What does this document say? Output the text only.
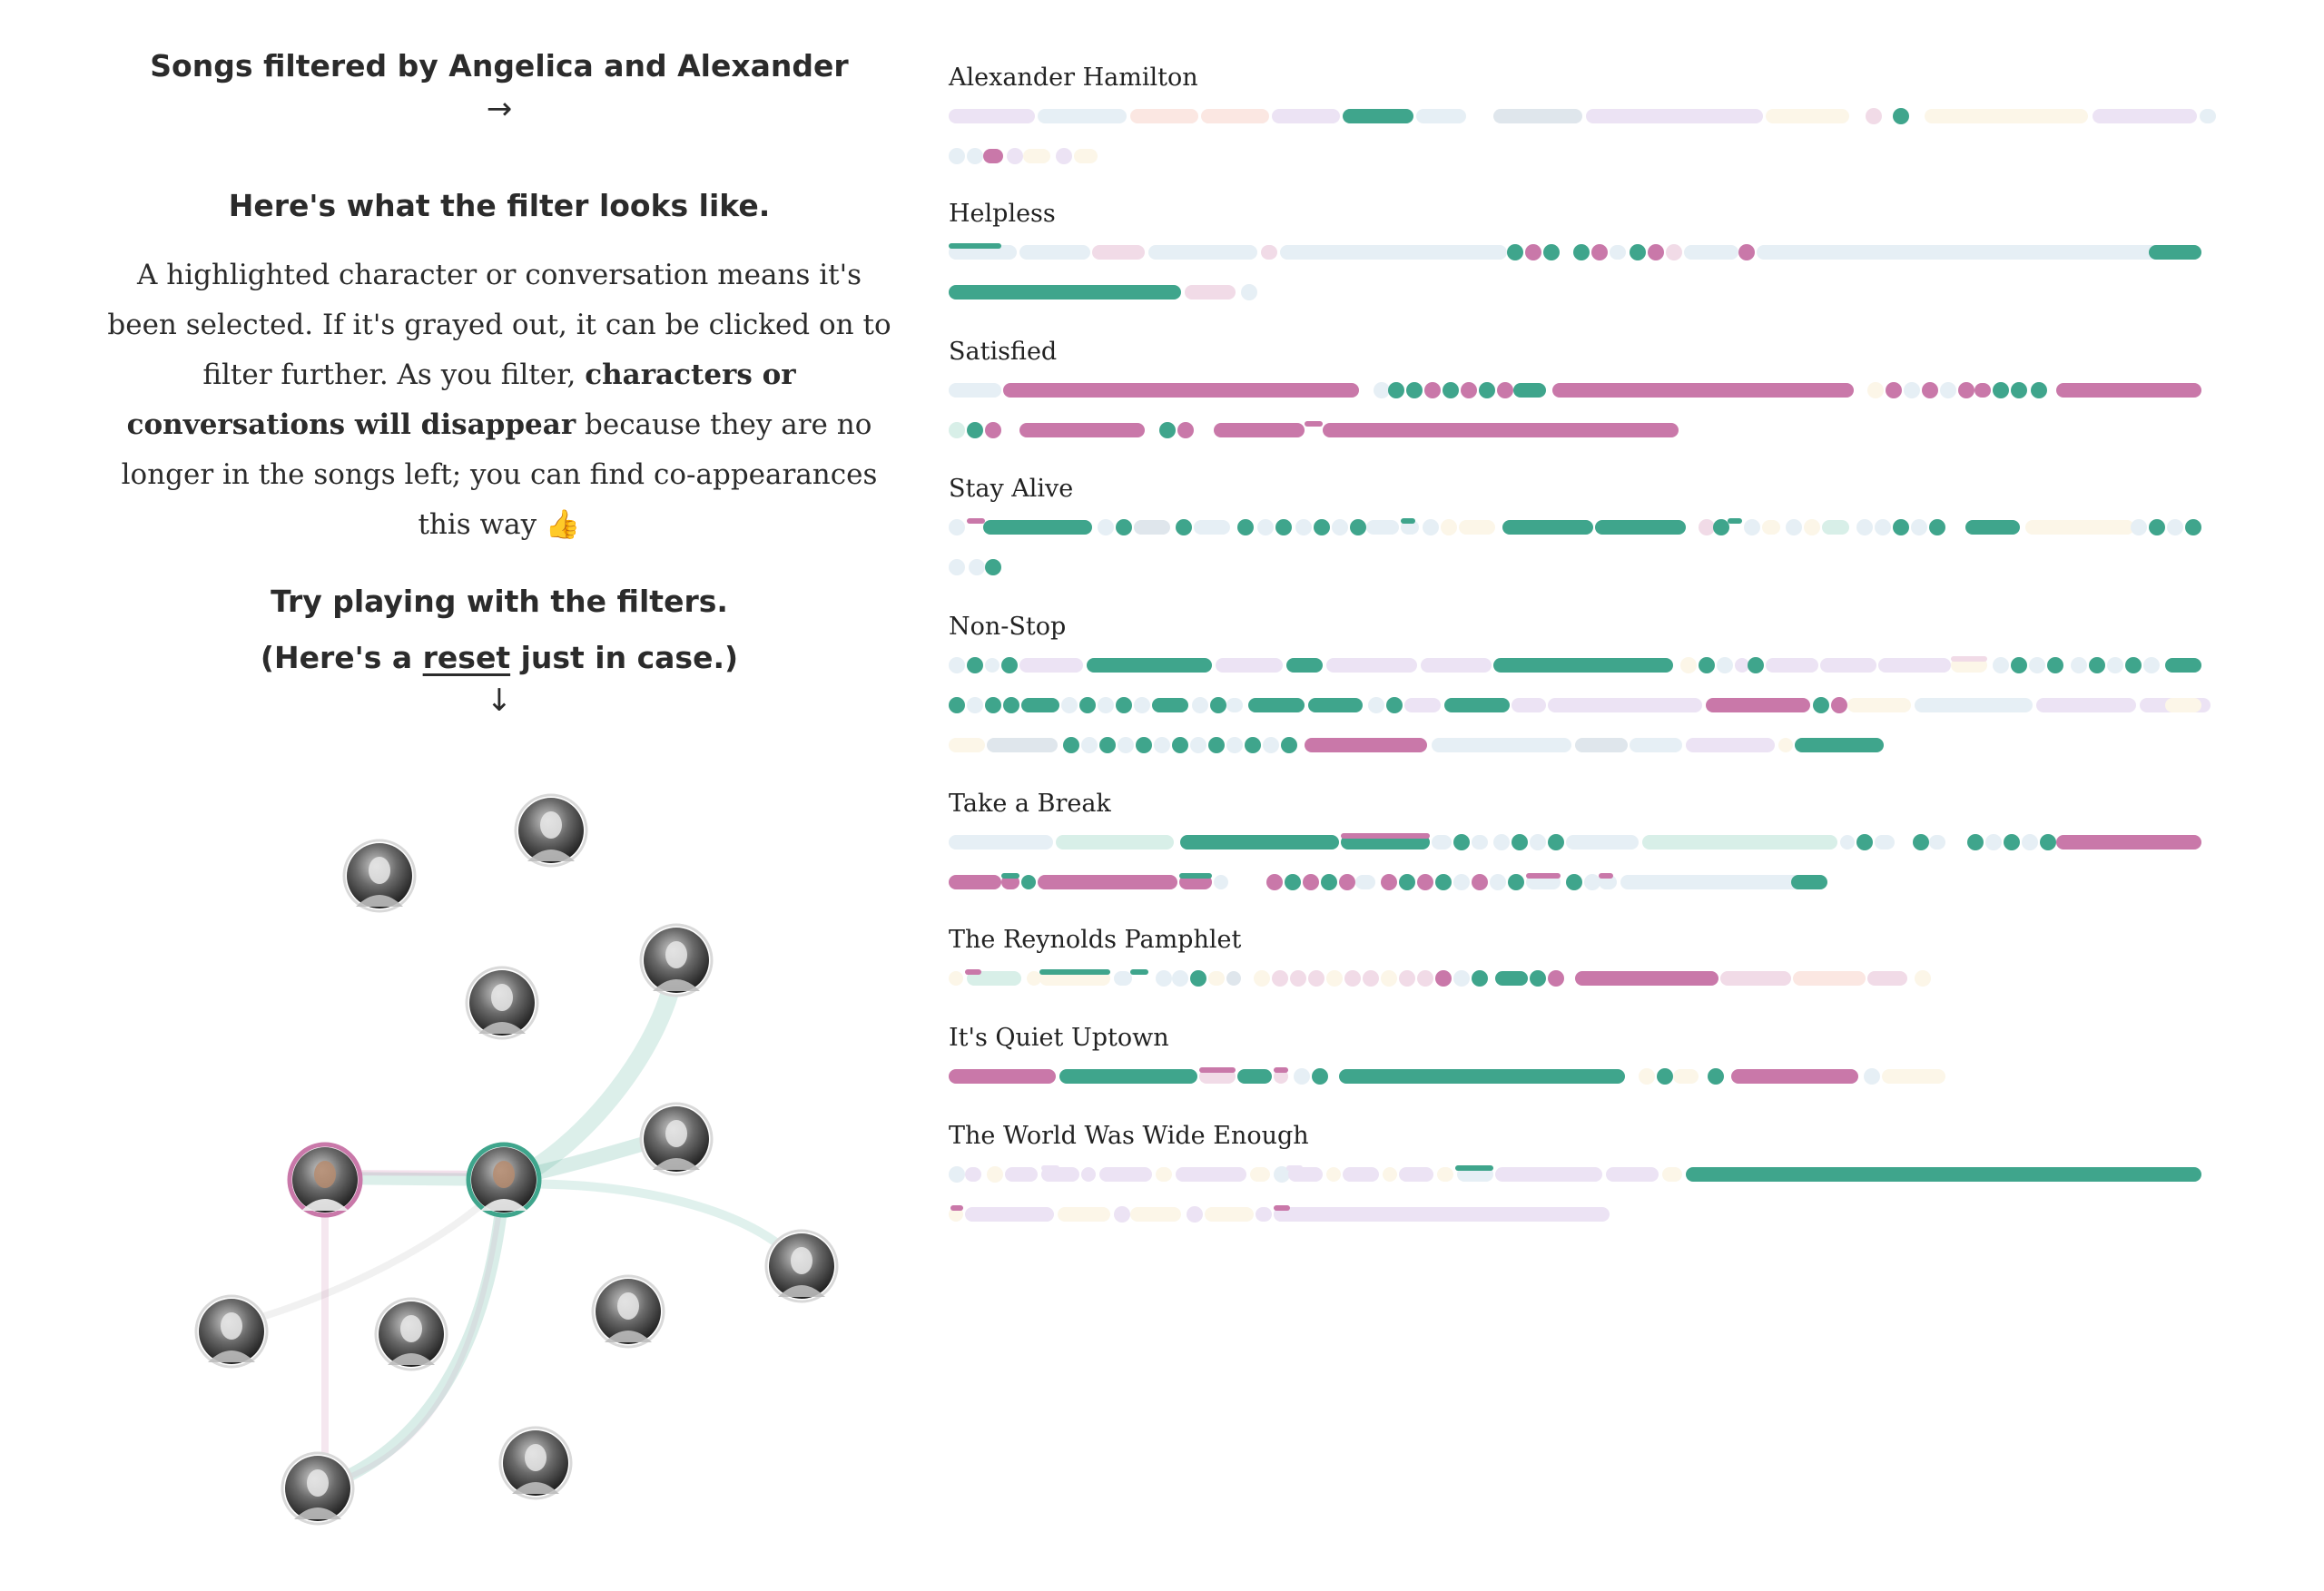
Songs filtered by Angelica and Alexander
→
Here's what the filter looks like.
A highlighted character or conversation means it's been selected. If it's grayed out, it can be clicked on to filter further. As you filter, characters or conversations will disappear because they are no longer in the songs left; you can find co-appearances this way 👍
Try playing with the filters.
(Here's a reset just in case.)
↓
Alexander Hamilton
Helpless
Satisfied
Stay Alive
Non-Stop
Take a Break
The Reynolds Pamphlet
It's Quiet Uptown
The World Was Wide Enough
